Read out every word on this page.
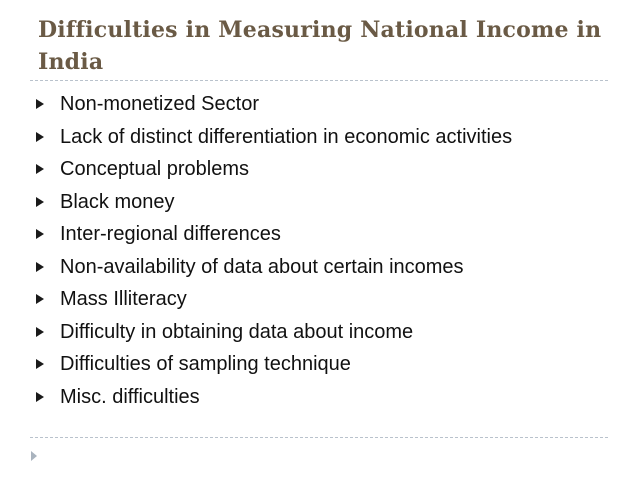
Difficulties in Measuring National Income in India
Non-monetized Sector
Lack of distinct differentiation in economic activities
Conceptual problems
Black money
Inter-regional differences
Non-availability of data about certain incomes
Mass Illiteracy
Difficulty in obtaining data about income
Difficulties of sampling technique
Misc. difficulties
